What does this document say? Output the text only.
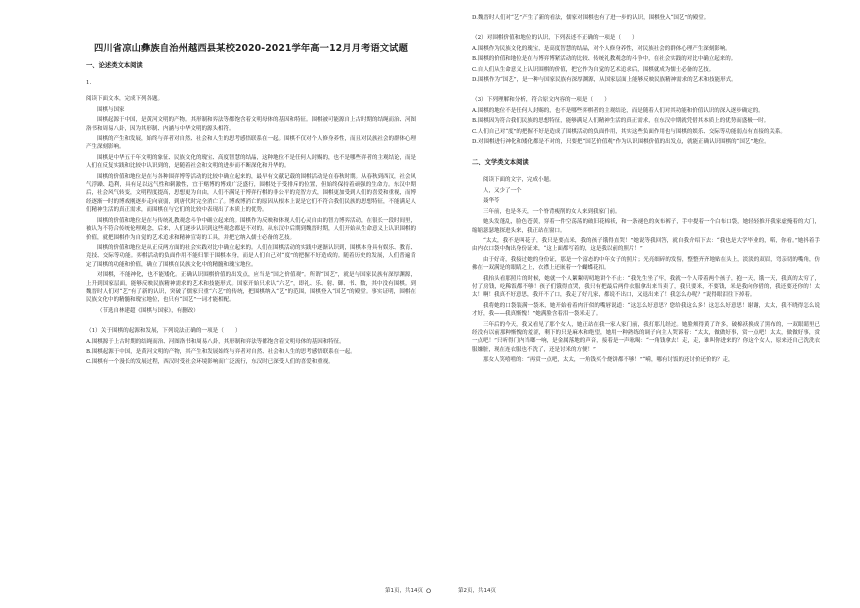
四川省凉山彝族自治州越西县某校2020-2021学年高一12月月考语文试题
一、论述类文本阅读
1.
阅读下面文本，完成下列各题。
围棋与国家
围棋起源于中国，是黄河文明的产物。其形制和弈法等都饱含着文明母体的基因和特征。围棋被可能源自上古时期的结绳而治、河图洛书和周易八卦，因为其形制、内涵与中华文明的源头相符。
围棋的产生和发展，始终与弈者对自然、社会和人生的思考感悟联系在一起。围棋不仅对个人修身养性，而且对民族社会的群体心理产生深刻影响。
围棋是中华五千年文明的象征、民族文化的瑰宝、高度智慧的结晶，这种地位不是任何人封赐的，也不是哪些弈者的主观结论，而是人们在反复实践和比较中认识到的，是随着社会和文明的进步而不断深化和升华的。
围棋的价值和地位是在与各种围弈博等活动的比较中确立起来的，最早有文献记载的围棋活动是在春秋时期。从春秋到西汉，社会风气浮躁、趋利，具有足以远气性和刺激性，宜于赌博的博戏广泛盛行，围棋处于受排斥的位置，但始终保持着顽强的生命力。东汉中期后，社会风气转变，文明程度提高，思想更为自由，人们不满足于博弈行棋的非公平的竞智方式，围棋更加受到人们的喜爱和重视，而博经逐渐一时的博戏刚逐步走向衰弱，到唐代时完全消亡了。博戏博消亡的原因从根本上说是它们不符合我们民族的思想特征，不能满足人们精神生活的真正需求，而围棋在与它们的比较中表现出了本质上的优势。
围棋的价值和地位是在与传统礼教观念斗争中确立起来的。围棋作为反映和体现人们心灵自由的智力博弈活动，在很长一段时间里，被认为不符合传统伦理观念，后来，人们逐步认识到这些观念都是不对的。从东汉中后期到魏晋时期，人们开始从生命意义上认识围棋的价值，就把围棋作为自觉的艺术追求和精神宣寄的工具，并把它纳入儒士必备的艺技。
围棋的价值和地位是从正反两方面的社会实践对比中确立起来的。人们在围棋活动的实践中逐渐认识到，围棋本身具有娱乐、教育、竞技、交际等功能。弈棋活动的负面作用不能归罪于围棋本身，而是人们自己对“度”的把握不好造成的。随着历史的发展，人们普遍肯定了围棋的功能和价值，确立了围棋在民族文化中的精髓和瑰宝地位。
对围棋，不能神化，也不能矮化。正确认识围棋价值的出发点，应当是“国之价值观”。所谓“国艺”，就是与国家民族有深厚渊源，上升到国家层面，能够反映民族精神需求的艺术和技能形式。国家开始只求认“六艺”，即礼、乐、射、御、书、数，其中没有围棋。到魏晋时人们对“艺”有了新的认识，突破了儒家只重“六艺”的传统，把围棋纳入“艺”的范围，围棋登入“国艺”的殿堂。事实证明，围棋在民族文化中的精髓和瑰宝地位，也只有“国艺”一词才能相配。
（节选自林建超《围棋与国家》，有删改）
（1）关于围棋的起源和发展，下列说法正确的一项是（　　）
A.围棋源于上古时期的结绳而治、河图洛书和周易八卦，其形制和弈法等都饱含着文明母体的基因和特征。
B.围棋起源于中国，是黄河文明的产物，其产生和发展始终与弈者对自然、社会和人生的思考感悟联系在一起。
C.围棋有一个漫长的发展过程，西汉时受社会环境影响而广泛流行，东汉时已深受人们的喜爱和重视。
D.魏晋时人们对“艺”产生了新的看法，儒家对围棋也有了进一步的认识，围棋登入“国艺”的殿堂。
（2）对围棋价值和地位的认识，下列表述不正确的一项是（　　）
A.围棋作为民族文化的瑰宝，是高度智慧的结晶，对个人修身养性，对民族社会的群体心理产生深刻影响。
B.围棋的价值和地位是在与博弈博紧活动的比较、传统礼教观念的斗争中，在社会实践的对比中确立起来的。
C.自人们从生命意义上认识围棋的价值，把它作为自觉的艺术追求后，围棋就成为儒士必备的艺技。
D.围棋作为“国艺”，是一种与国家民族有深厚渊源，从国家层面上能够反映民族精神需求的艺术和技能形式。
（3）下列理解和分析，符合原文内容的一项是（　　）
A.围棋的地位不是任何人封赐的，也不是哪些弈棋者的主观结论，而是随着人们对其功能和价值认识的深入逐步确定的。
B.围棋因为符合我们民族的思想特征，能够满足人们精神生活的真正需求，在东汉中期就凭借其本质上的优势而盛极一时。
C.人们自己对“度”的把握不好是造成了围棋活动的负面作用，其实这些负面作用也与围棋的娱乐、交际等功能弱点有直接的关系。
D.对围棋进行神化和矮化都是不对的，只要把“国艺价值观”作为认识围棋价值的出发点，就能正确认识围棋的“国艺”地位。
二、文学类文本阅读
阅读下面的文字，完成小题。
人，又少了一个
聂华苓
三年前，也是冬天，一个脊背瘦削的女人来到我家门前。
她头发蓬乱，脸色苍黄，穿着一件空荡荡的破旧花棉袄，和一条褪色的灰布裤子，手中提着一个白布口袋，她轻轻推开我家虚掩着的大门，缩缩瑟瑟地探进头来，我正站在窗口。
“太太，我不是叫花子，我只是要点米，我的孩子饿得直哭！”她说等我回答，就自我介绍下去：“我也是大学毕业的，喏，你看。”她抖着手由内衣口袋中掏出身份证来，“这上面都写着的，这是我以前的照片！”
由于好奇，我接过她的身份证，那是一个富态的中年女子的照片；光亮细碎的发髻，整整齐齐地贴在头上，淡淡的双眉，弯亲切的嘴角，仿佛在一双满是的眼睛之上，衣襟上还嵌着一个蝴蝶花扣。
我抬头看那照片的时候，她就一个人絮絮叨叨地讲个不止：“我先生坐了牢，我就一个人带着两个孩子，抱一天，饿一天，我真的太穷了，付了房钱，吃稀饭都不够！孩子们饿得直哭，我只有把最后两件衣服拿出来当卖了，我只要米，不要钱，米是我向你借的，我还要还你的！太太！啊！我真不好意思，我开不了口，我走了好几家，都说不出口，又退出来了！我怎么办呢？”说得眼泪往下掉着。
我将她的口袋装满一袋米，她开始看着肉汗似的嘴唇说道：“这怎么好意思？您给我这么多！这怎么好意思！谢谢，太太，我不晓得怎么说才好，我——我真惭愧！”她满脸含着泪一袋米走了。
三年后的今天，我又看见了那个女人，她正站在我一家人家门前，我打那儿经过。她脸颊得黄了许多，破棉袄换成了黑布的，一双眼睛里已经没有以前那种惭愧的羞涩，剩下的只是麻木和绝望，她用一种熟练的调子向主人哭诉着：“太太，做做好事，赏一点吧！太太，做做好事，赏一点吧！”只听得门内当啷一响，是金属落地的声音，接着是一声吆喝：“一角钱拿去！走，走，谁叫你进来的？你这个女人，原来还自己洗洗衣服嫌脏，现在连衣服也不洗了，还是讨米的方便！”
那女人笑嘻嘻的：“再赏一点吧，太太，一角钱买个烧饼都不够！”“嗬，哪有讨饭的还讨价还价的？走，
第1页，共14页 O	第2页，共14页
